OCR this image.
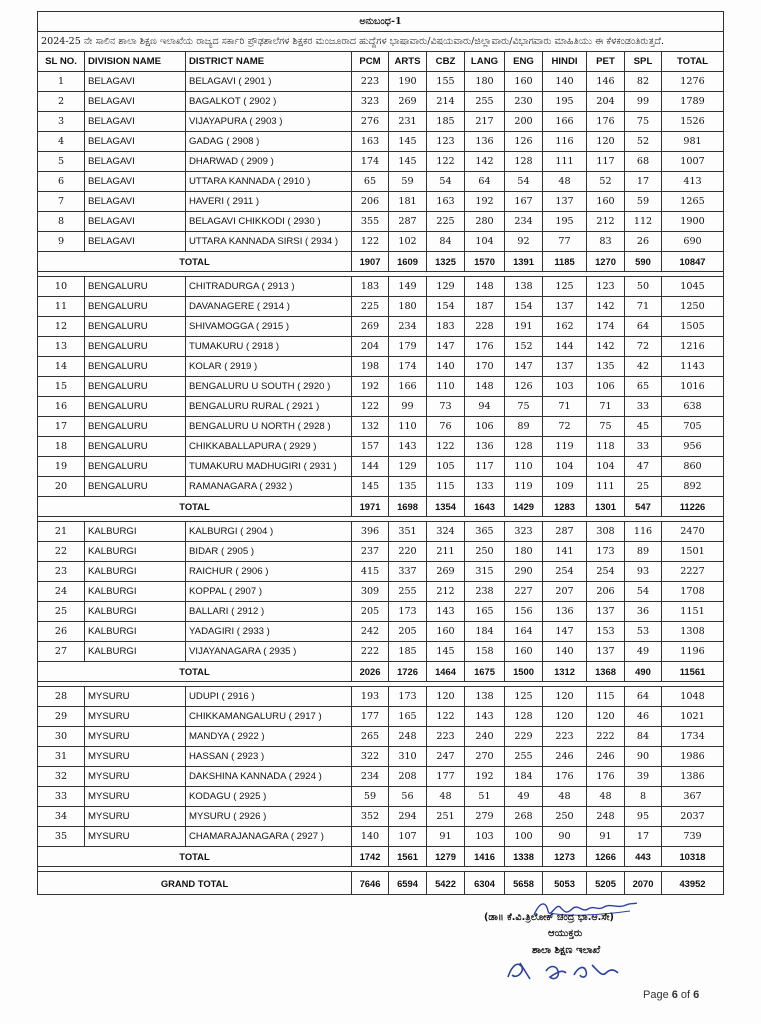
ಅನುಬಂಧ-1											
2024-25 ನೇ ಸಾಲಿನ ಶಾಲಾ ಶಿಕ್ಷಣ ಇಲಾಖೆಯ ರಾಜ್ಯದ ಸರ್ಕಾರಿ ಪ್ರೌಢಶಾಲೆಗಳ ಶಿಕ್ಷಕರ ಮಂಜೂರಾದ ಹುದ್ದೆಗಳ ಭಾಷಾವಾರು/ವಿಷಯವಾರು/ಜಿಲ್ಲಾವಾರು/ವಿಭಾಗವಾರು ಮಾಹಿತಿಯು ಈ ಕೆಳಕಂಡಂತಿರುತ್ತದೆ.											
SL NO.	DIVISION NAME	DISTRICT NAME	PCM	ARTS	CBZ	LANG	ENG	HINDI	PET	SPL	TOTAL
1	BELAGAVI	BELAGAVI ( 2901 )	223	190	155	180	160	140	146	82	1276
2	BELAGAVI	BAGALKOT ( 2902 )	323	269	214	255	230	195	204	99	1789
3	BELAGAVI	VIJAYAPURA ( 2903 )	276	231	185	217	200	166	176	75	1526
4	BELAGAVI	GADAG ( 2908 )	163	145	123	136	126	116	120	52	981
5	BELAGAVI	DHARWAD ( 2909 )	174	145	122	142	128	111	117	68	1007
6	BELAGAVI	UTTARA KANNADA ( 2910 )	65	59	54	64	54	48	52	17	413
7	BELAGAVI	HAVERI ( 2911 )	206	181	163	192	167	137	160	59	1265
8	BELAGAVI	BELAGAVI CHIKKODI ( 2930 )	355	287	225	280	234	195	212	112	1900
9	BELAGAVI	UTTARA KANNADA SIRSI ( 2934 )	122	102	84	104	92	77	83	26	690
TOTAL			1907	1609	1325	1570	1391	1185	1270	590	10847

10	BENGALURU	CHITRADURGA ( 2913 )	183	149	129	148	138	125	123	50	1045
11	BENGALURU	DAVANAGERE ( 2914 )	225	180	154	187	154	137	142	71	1250
12	BENGALURU	SHIVAMOGGA ( 2915 )	269	234	183	228	191	162	174	64	1505
13	BENGALURU	TUMAKURU ( 2918 )	204	179	147	176	152	144	142	72	1216
14	BENGALURU	KOLAR ( 2919 )	198	174	140	170	147	137	135	42	1143
15	BENGALURU	BENGALURU U SOUTH ( 2920 )	192	166	110	148	126	103	106	65	1016
16	BENGALURU	BENGALURU RURAL ( 2921 )	122	99	73	94	75	71	71	33	638
17	BENGALURU	BENGALURU U NORTH ( 2928 )	132	110	76	106	89	72	75	45	705
18	BENGALURU	CHIKKABALLAPURA ( 2929 )	157	143	122	136	128	119	118	33	956
19	BENGALURU	TUMAKURU MADHUGIRI ( 2931 )	144	129	105	117	110	104	104	47	860
20	BENGALURU	RAMANAGARA ( 2932 )	145	135	115	133	119	109	111	25	892
TOTAL			1971	1698	1354	1643	1429	1283	1301	547	11226

21	KALBURGI	KALBURGI ( 2904 )	396	351	324	365	323	287	308	116	2470
22	KALBURGI	BIDAR ( 2905 )	237	220	211	250	180	141	173	89	1501
23	KALBURGI	RAICHUR ( 2906 )	415	337	269	315	290	254	254	93	2227
24	KALBURGI	KOPPAL ( 2907 )	309	255	212	238	227	207	206	54	1708
25	KALBURGI	BALLARI ( 2912 )	205	173	143	165	156	136	137	36	1151
26	KALBURGI	YADAGIRI ( 2933 )	242	205	160	184	164	147	153	53	1308
27	KALBURGI	VIJAYANAGARA ( 2935 )	222	185	145	158	160	140	137	49	1196
TOTAL			2026	1726	1464	1675	1500	1312	1368	490	11561

28	MYSURU	UDUPI ( 2916 )	193	173	120	138	125	120	115	64	1048
29	MYSURU	CHIKKAMANGALURU ( 2917 )	177	165	122	143	128	120	120	46	1021
30	MYSURU	MANDYA ( 2922 )	265	248	223	240	229	223	222	84	1734
31	MYSURU	HASSAN ( 2923 )	322	310	247	270	255	246	246	90	1986
32	MYSURU	DAKSHINA KANNADA ( 2924 )	234	208	177	192	184	176	176	39	1386
33	MYSURU	KODAGU ( 2925 )	59	56	48	51	49	48	48	8	367
34	MYSURU	MYSURU ( 2926 )	352	294	251	279	268	250	248	95	2037
35	MYSURU	CHAMARAJANAGARA ( 2927 )	140	107	91	103	100	90	91	17	739
TOTAL			1742	1561	1279	1416	1338	1273	1266	443	10318

GRAND TOTAL			7646	6594	5422	6304	5658	5053	5205	2070	43952
(ಡಾ॥ ಕೆ.ವಿ.ತ್ರಿಲೋಕ್ ಚಂದ್ರ ಭಾ.ಆ.ಸೇ)
ಆಯುಕ್ತರು
ಶಾಲಾ ಶಿಕ್ಷಣ ಇಲಾಖೆ
Page 6 of 6
